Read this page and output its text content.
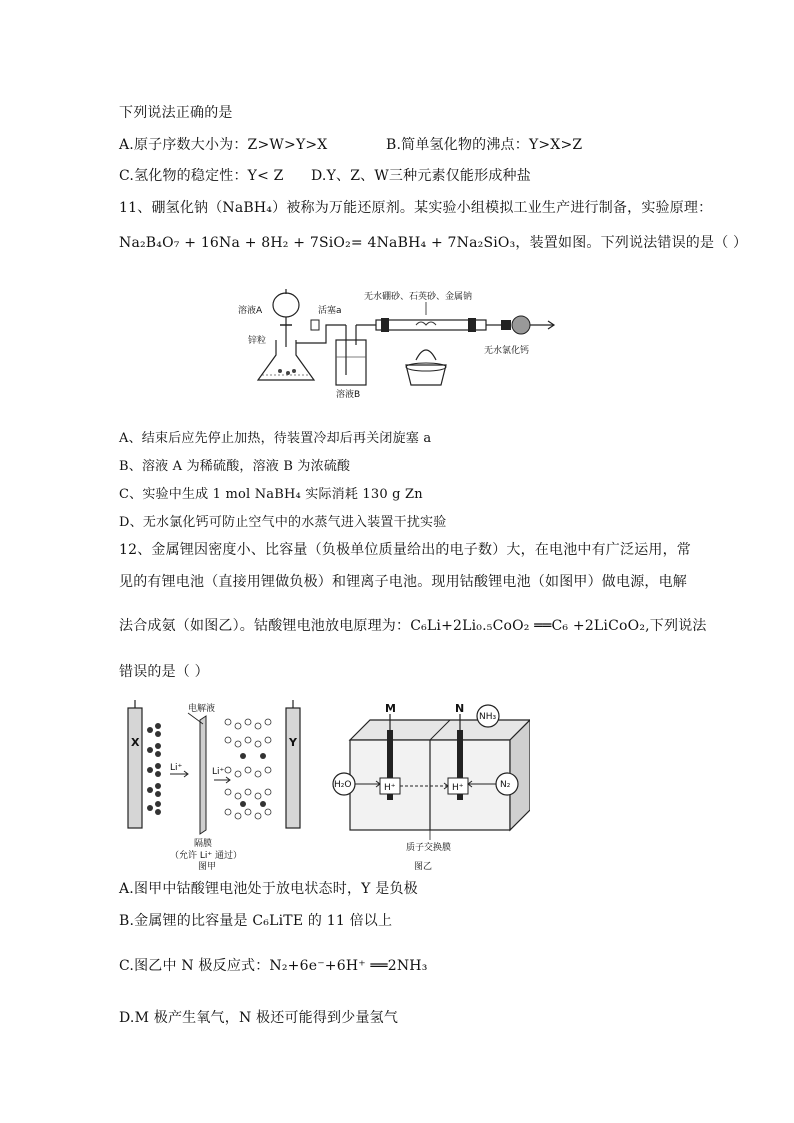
下列说法正确的是
A.原子序数大小为：Z>W>Y>X	B.简单氢化物的沸点：Y>X>Z
C.氢化物的稳定性：Y< Z D.Y、Z、W三种元素仅能形成种盐
11、硼氢化钠（NaBH₄）被称为万能还原剂。某实验小组模拟工业生产进行制备，实验原理：
Na₂B₄O₇ + 16Na + 8H₂ + 7SiO₂= 4NaBH₄ + 7Na₂SiO₃，装置如图。下列说法错误的是（ ）
溶液A	活塞a
锌粒
溶液B
无水硼砂、石英砂、金属钠
无水氯化钙
A、结束后应先停止加热，待装置冷却后再关闭旋塞 a
B、溶液 A 为稀硫酸，溶液 B 为浓硫酸
C、实验中生成 1 mol NaBH₄ 实际消耗 130 g Zn
D、无水氯化钙可防止空气中的水蒸气进入装置干扰实验
12、金属锂因密度小、比容量（负极单位质量给出的电子数）大，在电池中有广泛运用，常
见的有锂电池（直接用锂做负极）和锂离子电池。现用钴酸锂电池（如图甲）做电源，电解
法合成氨（如图乙）。钴酸锂电池放电原理为：C₆Li+2Li₀.₅CoO₂ ══C₆ +2LiCoO₂,下列说法
错误的是（ ）
X	Y
电解液
Li⁺	Li⁺
隔膜
（允许 Li⁺ 通过）
图甲
M	N
NH₃
H₂O	N₂
H⁺	H⁺
质子交换膜
图乙
A.图甲中钴酸锂电池处于放电状态时，Y 是负极
B.金属锂的比容量是 C₆LiTE 的 11 倍以上
C.图乙中 N 极反应式：N₂+6e⁻+6H⁺ ══2NH₃
D.M 极产生氧气，N 极还可能得到少量氢气
